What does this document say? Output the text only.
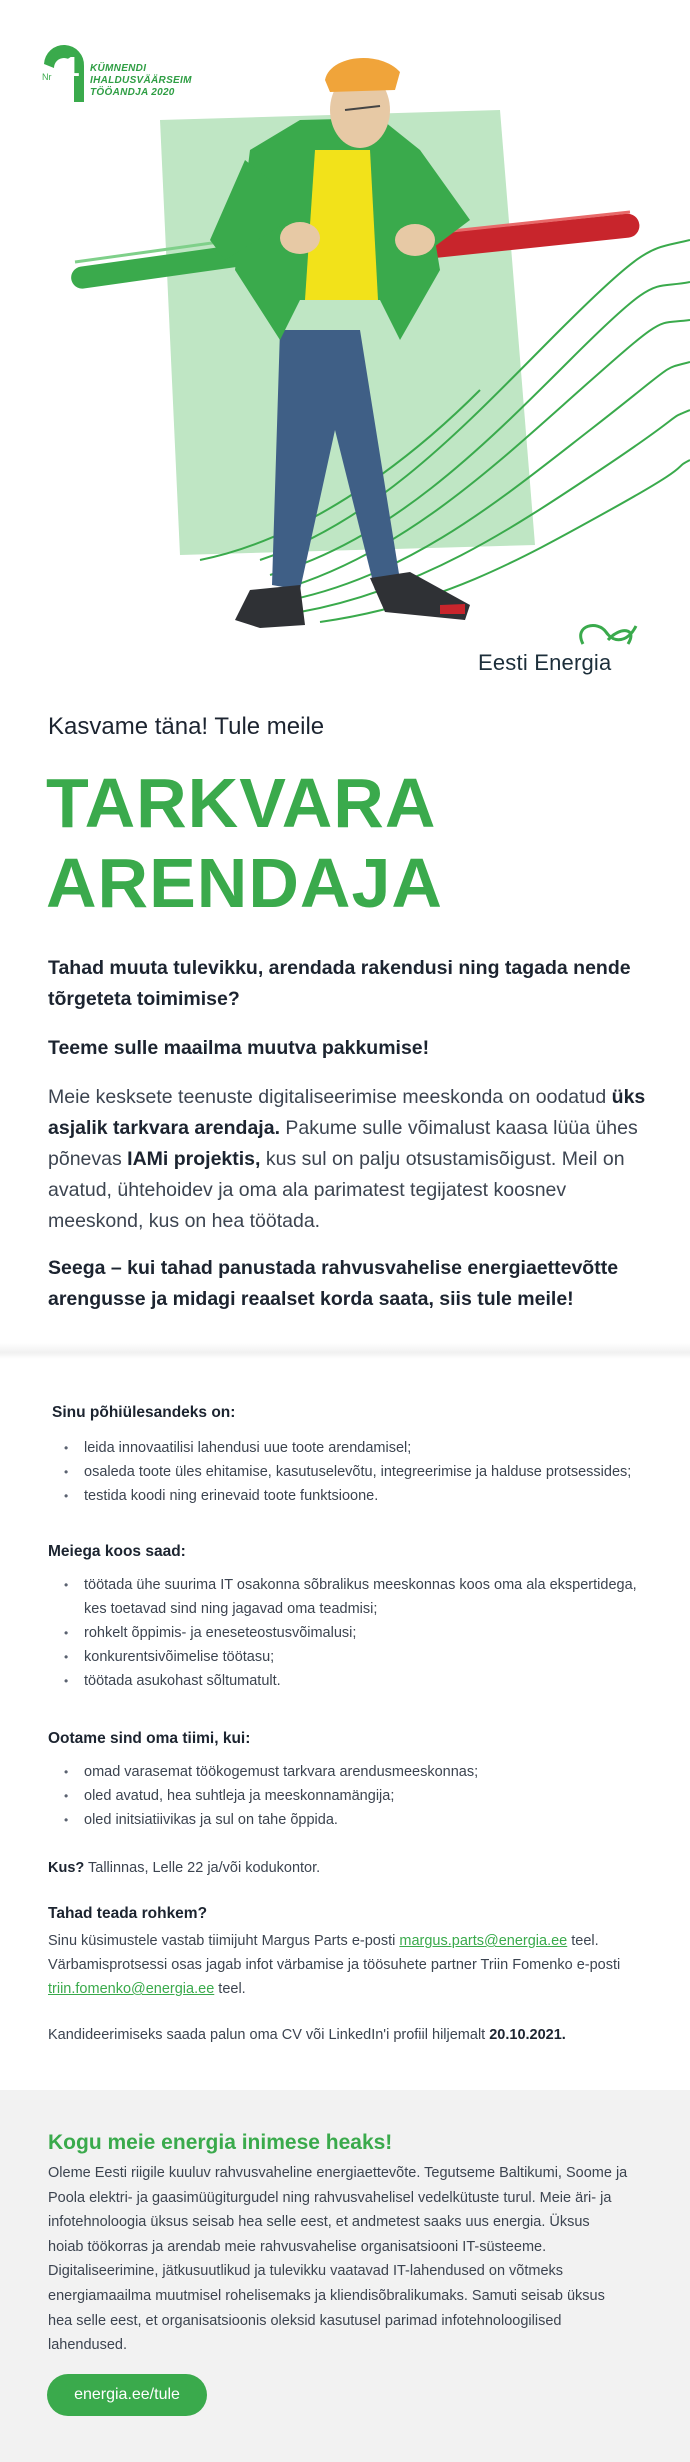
Nr 1 KÜMNENDI
IHALDUSVÄÄRSEIM
TÖÖANDJA 2020
Eesti Energia
Kasvame täna! Tule meile
TARKVARA
ARENDAJA
Tahad muuta tulevikku, arendada rakendusi ning tagada nende tõrgeteta toimimise?
Teeme sulle maailma muutva pakkumise!
Meie kesksete teenuste digitaliseerimise meeskonda on oodatud üks asjalik tarkvara arendaja. Pakume sulle võimalust kaasa lüüa ühes põnevas IAMi projektis, kus sul on palju otsustamisõigust. Meil on avatud, ühtehoidev ja oma ala parimatest tegijatest koosnev meeskond, kus on hea töötada.
Seega – kui tahad panustada rahvusvahelise energiaettevõtte arengusse ja midagi reaalset korda saata, siis tule meile!
Sinu põhiülesandeks on:
• leida innovaatilisi lahendusi uue toote arendamisel;
• osaleda toote üles ehitamise, kasutuselevõtu, integreerimise ja halduse protsessides;
• testida koodi ning erinevaid toote funktsioone.
Meiega koos saad:
• töötada ühe suurima IT osakonna sõbralikus meeskonnas koos oma ala ekspertidega, kes toetavad sind ning jagavad oma teadmisi;
• rohkelt õppimis- ja eneseteostusvõimalusi;
• konkurentsivõimelise töötasu;
• töötada asukohast sõltumatult.
Ootame sind oma tiimi, kui:
• omad varasemat töökogemust tarkvara arendusmeeskonnas;
• oled avatud, hea suhtleja ja meeskonnamängija;
• oled initsiatiivikas ja sul on tahe õppida.
Kus? Tallinnas, Lelle 22 ja/või kodukontor.
Tahad teada rohkem?
Sinu küsimustele vastab tiimijuht Margus Parts e-posti margus.parts@energia.ee teel. Värbamisprotsessi osas jagab infot värbamise ja töösuhete partner Triin Fomenko e-posti triin.fomenko@energia.ee teel.
Kandideerimiseks saada palun oma CV või LinkedIn'i profiil hiljemalt 20.10.2021.
Kogu meie energia inimese heaks!
Oleme Eesti riigile kuuluv rahvusvaheline energiaettevõte. Tegutseme Baltikumi, Soome ja Poola elektri- ja gaasimüügiturgudel ning rahvusvahelisel vedelkütuste turul. Meie äri- ja infotehnoloogia üksus seisab hea selle eest, et andmetest saaks uus energia. Üksus hoiab töökorras ja arendab meie rahvusvahelise organisatsiooni IT-süsteeme. Digitaliseerimine, jätkusuutlikud ja tulevikku vaatavad IT-lahendused on võtmeks energiamaailma muutmisel rohelisemaks ja kliendisõbralikumaks. Samuti seisab üksus hea selle eest, et organisatsioonis oleksid kasutusel parimad infotehnoloogilised lahendused.
energia.ee/tule
